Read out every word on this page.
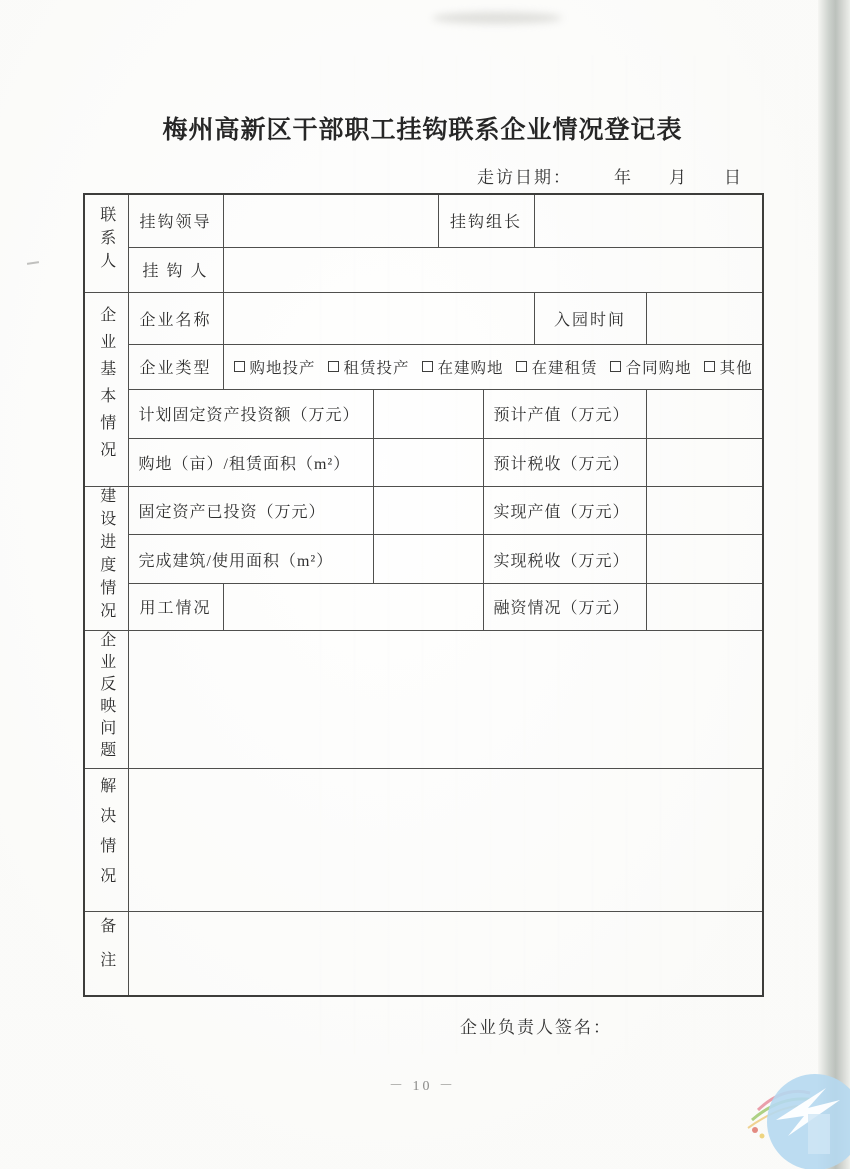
梅州高新区干部职工挂钩联系企业情况登记表
走访日期： 年 月 日
联系人	挂钩领导			挂钩组长			
	挂 钩 人						
企业基本情况	企业名称					入园时间	
企业类型	购地投产 租赁投产 在建购地 在建租赁 合同购地 其他

	计划固定资产投资额（万元）				预计产值（万元）		
	购地（亩）/租赁面积（m²）				预计税收（万元）		
建设进度情况	固定资产已投资（万元）				实现产值（万元）		
	完成建筑/使用面积（m²）				实现税收（万元）		
	用工情况				融资情况（万元）		
企业反映问题							
解决情况							
备注							
企业负责人签名：
－ 10 －
